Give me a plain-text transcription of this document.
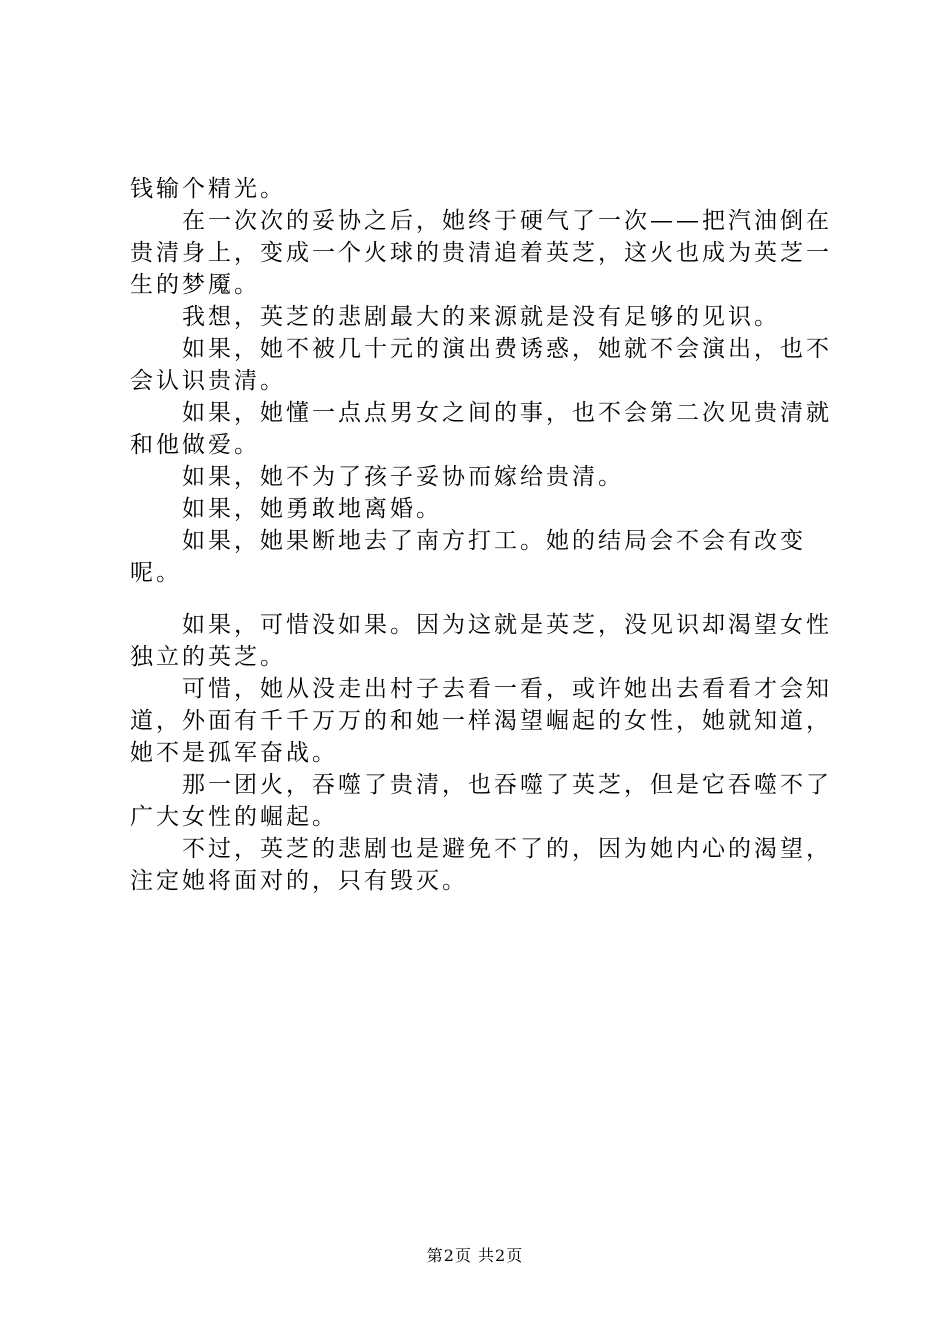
钱输个精光。

在一次次的妥协之后，她终于硬气了一次——把汽油倒在贵清身上，变成一个火球的贵清追着英芝，这火也成为英芝一生的梦魇。

我想，英芝的悲剧最大的来源就是没有足够的见识。

如果，她不被几十元的演出费诱惑，她就不会演出，也不会认识贵清。

如果，她懂一点点男女之间的事，也不会第二次见贵清就和他做爱。

如果，她不为了孩子妥协而嫁给贵清。

如果，她勇敢地离婚。

如果，她果断地去了南方打工。她的结局会不会有改变呢。

如果，可惜没如果。因为这就是英芝，没见识却渴望女性独立的英芝。

可惜，她从没走出村子去看一看，或许她出去看看才会知道，外面有千千万万的和她一样渴望崛起的女性，她就知道，她不是孤军奋战。

那一团火，吞噬了贵清，也吞噬了英芝，但是它吞噬不了广大女性的崛起。

不过，英芝的悲剧也是避免不了的，因为她内心的渴望，注定她将面对的，只有毁灭。

第2页 共2页
